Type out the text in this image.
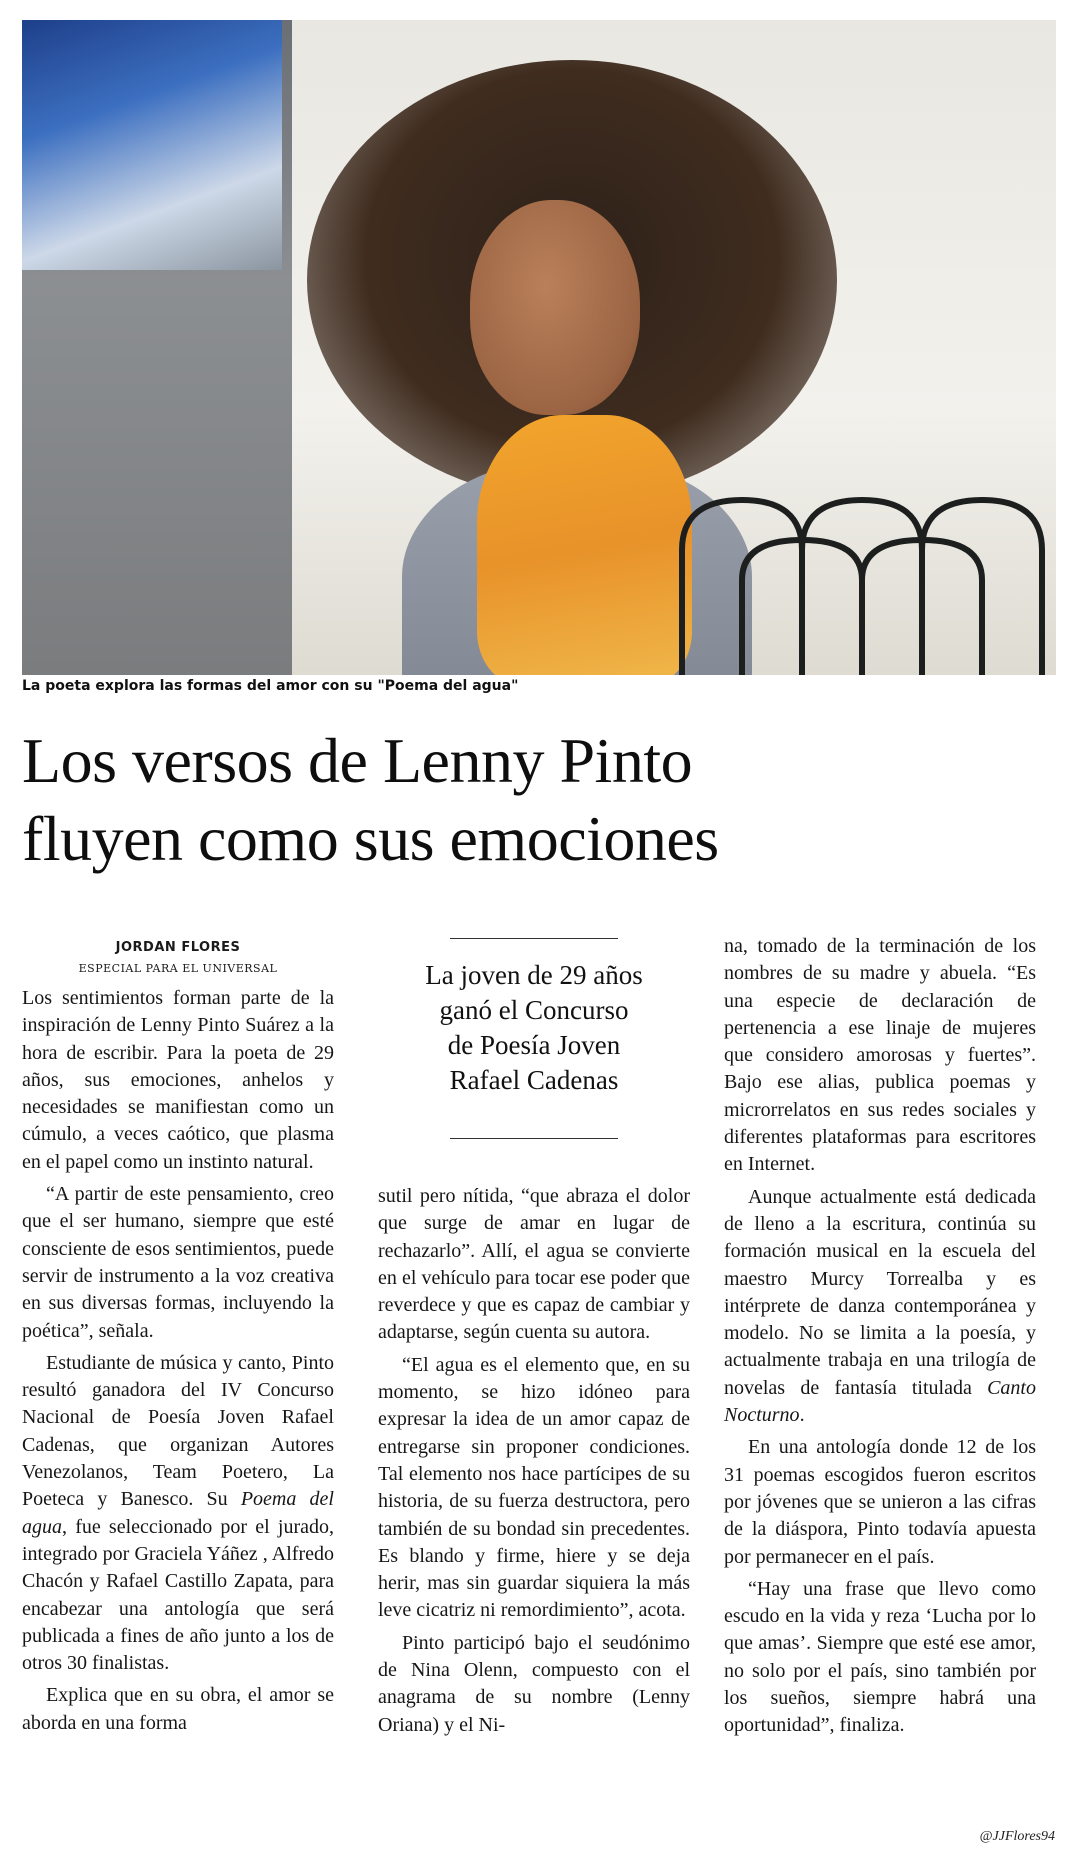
La poeta explora las formas del amor con su "Poema del agua"
Los versos de Lenny Pinto
fluyen como sus emociones
JORDAN FLORES
ESPECIAL PARA EL UNIVERSAL

Los sentimientos forman parte de la inspiración de Lenny Pinto Suárez a la hora de escribir. Para la poeta de 29 años, sus emociones, anhelos y necesidades se manifiestan como un cúmulo, a veces caótico, que plasma en el papel como un instinto natural.

“A partir de este pensamiento, creo que el ser humano, siempre que esté consciente de esos sentimientos, puede servir de instrumento a la voz creativa en sus diversas formas, incluyendo la poética”, señala.

Estudiante de música y canto, Pinto resultó ganadora del IV Concurso Nacional de Poesía Joven Rafael Cadenas, que organizan Autores Venezolanos, Team Poetero, La Poeteca y Banesco. Su Poema del agua, fue seleccionado por el jurado, integrado por Graciela Yáñez , Alfredo Chacón y Rafael Castillo Zapata, para encabezar una antología que será publicada a fines de año junto a los de otros 30 finalistas.

Explica que en su obra, el amor se aborda en una forma

La joven de 29 años
ganó el Concurso
de Poesía Joven
Rafael Cadenas

sutil pero nítida, “que abraza el dolor que surge de amar en lugar de rechazarlo”. Allí, el agua se convierte en el vehículo para tocar ese poder que reverdece y que es capaz de cambiar y adaptarse, según cuenta su autora.

“El agua es el elemento que, en su momento, se hizo idóneo para expresar la idea de un amor capaz de entregarse sin proponer condiciones. Tal elemento nos hace partícipes de su historia, de su fuerza destructora, pero también de su bondad sin precedentes. Es blando y firme, hiere y se deja herir, mas sin guardar siquiera la más leve cicatriz ni remordimiento”, acota.

Pinto participó bajo el seudónimo de Nina Olenn, compuesto con el anagrama de su nombre (Lenny Oriana) y el Ni-

na, tomado de la terminación de los nombres de su madre y abuela. “Es una especie de declaración de pertenencia a ese linaje de mujeres que considero amorosas y fuertes”. Bajo ese alias, publica poemas y microrrelatos en sus redes sociales y diferentes plataformas para escritores en Internet.

Aunque actualmente está dedicada de lleno a la escritura, continúa su formación musical en la escuela del maestro Murcy Torrealba y es intérprete de danza contemporánea y modelo. No se limita a la poesía, y actualmente trabaja en una trilogía de novelas de fantasía titulada Canto Nocturno.

En una antología donde 12 de los 31 poemas escogidos fueron escritos por jóvenes que se unieron a las cifras de la diáspora, Pinto todavía apuesta por permanecer en el país.

“Hay una frase que llevo como escudo en la vida y reza ‘Lucha por lo que amas’. Siempre que esté ese amor, no solo por el país, sino también por los sueños, siempre habrá una oportunidad”, finaliza.

@JJFlores94
